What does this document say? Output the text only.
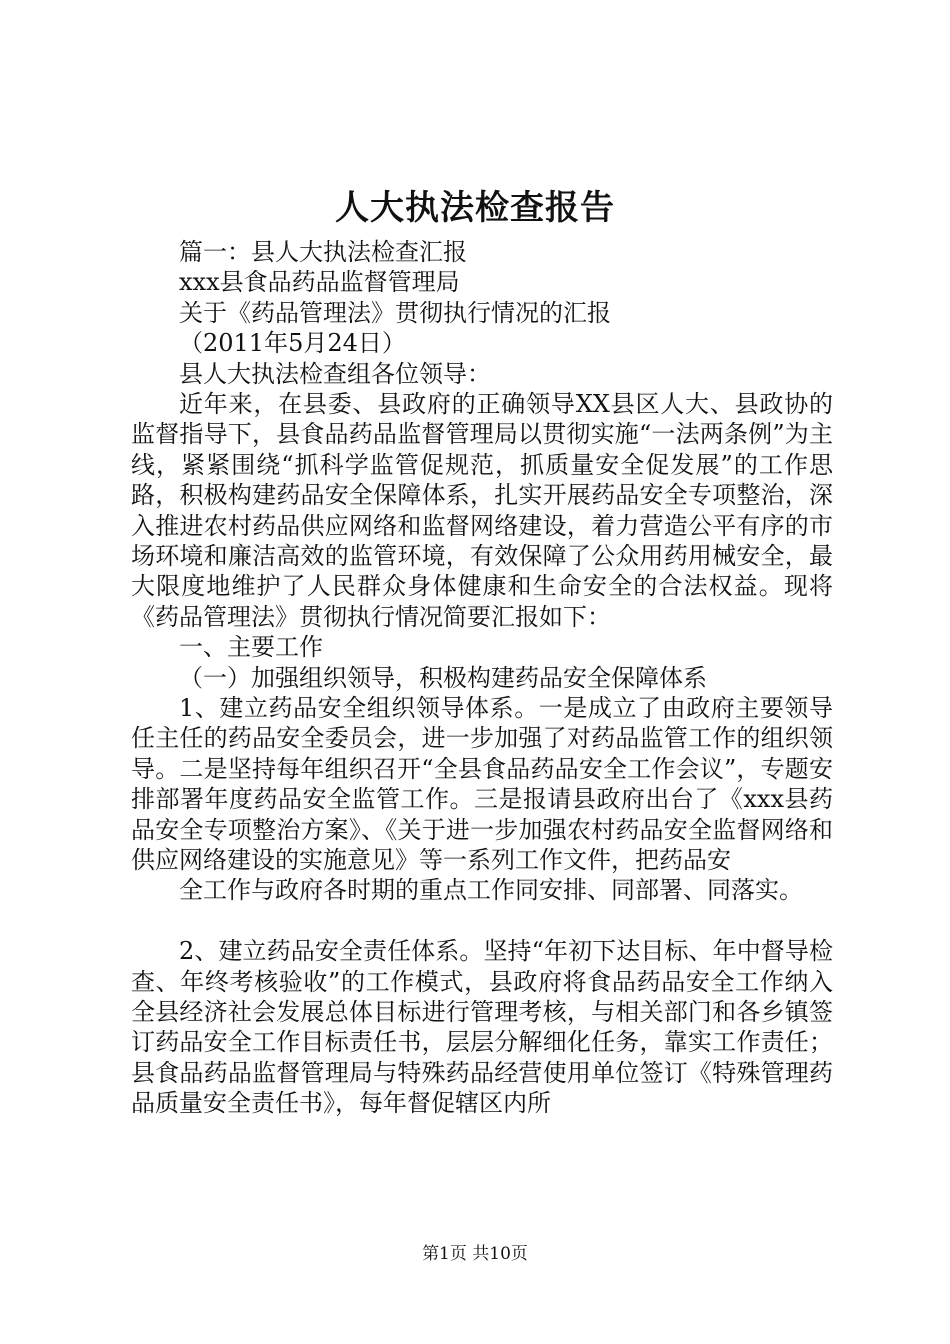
人大执法检查报告

篇一：县人大执法检查汇报

xxx县食品药品监督管理局

关于《药品管理法》贯彻执行情况的汇报

（2011年5月24日）

县人大执法检查组各位领导：

近年来，在县委、县政府的正确领导XX县区人大、县政协的监督指导下，县食品药品监督管理局以贯彻实施“一法两条例”为主线，紧紧围绕“抓科学监管促规范，抓质量安全促发展”的工作思路，积极构建药品安全保障体系，扎实开展药品安全专项整治，深入推进农村药品供应网络和监督网络建设，着力营造公平有序的市场环境和廉洁高效的监管环境，有效保障了公众用药用械安全，最大限度地维护了人民群众身体健康和生命安全的合法权益。现将《药品管理法》贯彻执行情况简要汇报如下：

一、主要工作

（一）加强组织领导，积极构建药品安全保障体系

1、建立药品安全组织领导体系。一是成立了由政府主要领导任主任的药品安全委员会，进一步加强了对药品监管工作的组织领导。二是坚持每年组织召开“全县食品药品安全工作会议”，专题安排部署年度药品安全监管工作。三是报请县政府出台了《xxx县药品安全专项整治方案》、《关于进一步加强农村药品安全监督网络和供应网络建设的实施意见》等一系列工作文件，把药品安

全工作与政府各时期的重点工作同安排、同部署、同落实。

2、建立药品安全责任体系。坚持“年初下达目标、年中督导检查、年终考核验收”的工作模式，县政府将食品药品安全工作纳入全县经济社会发展总体目标进行管理考核，与相关部门和各乡镇签订药品安全工作目标责任书，层层分解细化任务，靠实工作责任；县食品药品监督管理局与特殊药品经营使用单位签订《特殊管理药品质量安全责任书》，每年督促辖区内所

第1页 共10页
